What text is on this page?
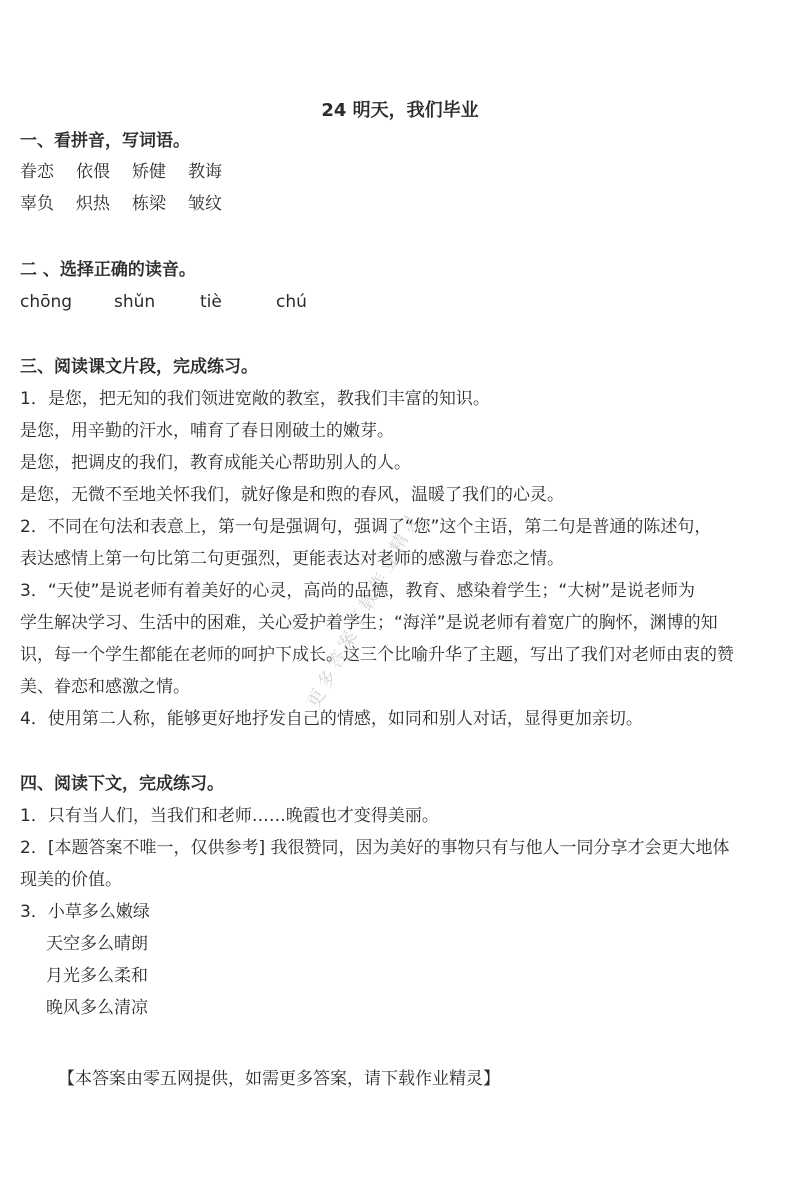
24 明天，我们毕业
一、看拼音，写词语。
眷恋 依偎 矫健 教诲
辜负 炽热 栋梁 皱纹
二 、选择正确的读音。
chōng shǔn	tiè	chú
三、阅读课文片段，完成练习。
1．是您，把无知的我们领进宽敞的教室，教我们丰富的知识。
是您，用辛勤的汗水，哺育了春日刚破土的嫩芽。
是您，把调皮的我们，教育成能关心帮助别人的人。
是您，无微不至地关怀我们，就好像是和煦的春风，温暖了我们的心灵。
2．不同在句法和表意上，第一句是强调句，强调了“您”这个主语，第二句是普通的陈述句，
表达感情上第一句比第二句更强烈，更能表达对老师的感激与眷恋之情。
3．“天使”是说老师有着美好的心灵，高尚的品德，教育、感染着学生；“大树”是说老师为
学生解决学习、生活中的困难，关心爱护着学生；“海洋”是说老师有着宽广的胸怀，渊博的知
识，每一个学生都能在老师的呵护下成长。这三个比喻升华了主题，写出了我们对老师由衷的赞
美、眷恋和感激之情。
4．使用第二人称，能够更好地抒发自己的情感，如同和别人对话，显得更加亲切。
四、阅读下文，完成练习。
1．只有当人们，当我们和老师……晚霞也才变得美丽。
2．[本题答案不唯一，仅供参考] 我很赞同，因为美好的事物只有与他人一同分享才会更大地体
现美的价值。
3．小草多么嫩绿
天空多么晴朗
月光多么柔和
晚风多么清凉
【本答案由零五网提供，如需更多答案，请下载作业精灵】
更多答案下载作业精灵
